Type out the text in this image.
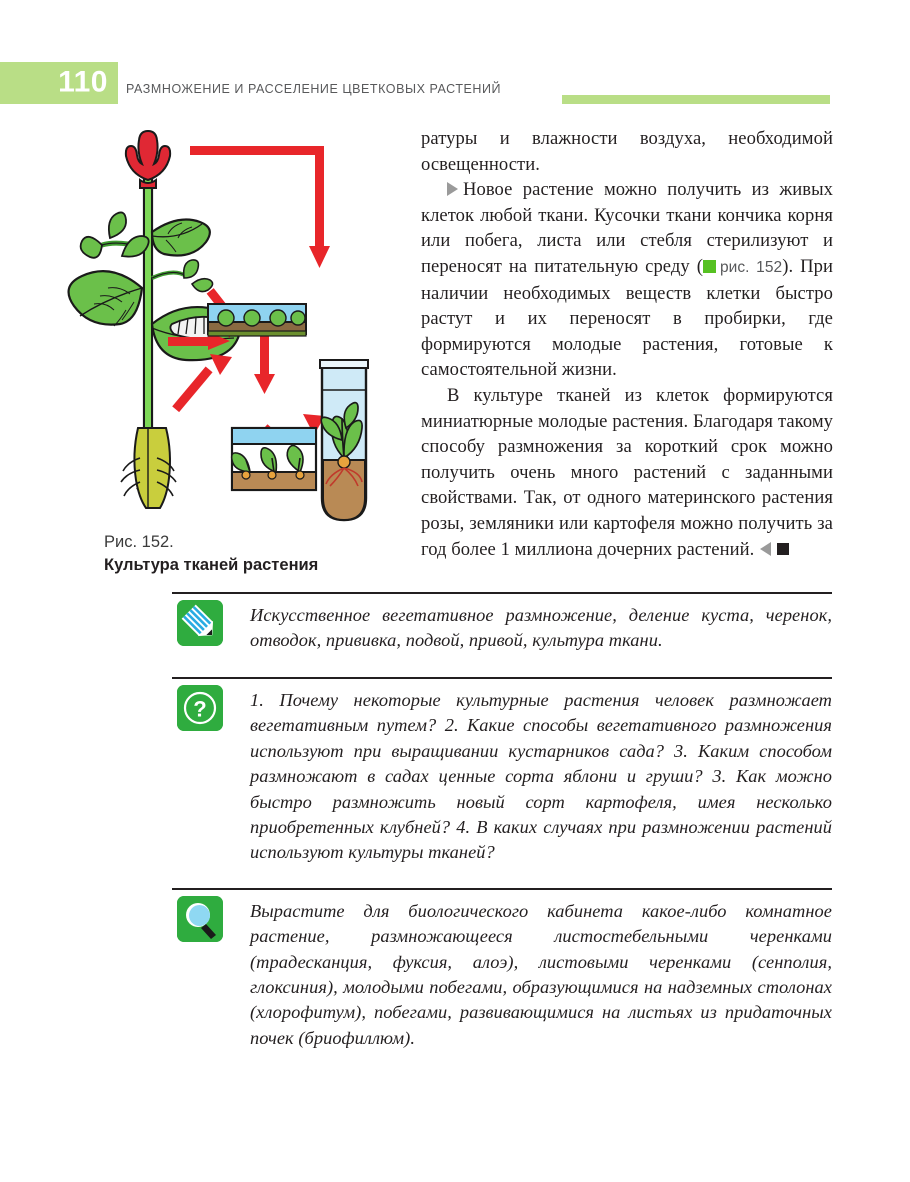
110 РАЗМНОЖЕНИЕ И РАССЕЛЕНИЕ ЦВЕТКОВЫХ РАСТЕНИЙ
Рис. 152.
Культура тканей растения

ратуры и влажности воздуха, необходимой освещенности.

Новое растение можно получить из живых клеток любой ткани. Кусочки ткани кончика корня или побега, листа или стебля стерилизуют и переносят на питательную среду ( рис. 152). При наличии необходимых веществ клетки быстро растут и их переносят в пробирки, где формируются молодые растения, готовые к самостоятельной жизни.

В культуре тканей из клеток формируются миниатюрные молодые растения. Благодаря такому способу размножения за короткий срок можно получить очень много растений с заданными свойствами. Так, от одного материнского растения розы, земляники или картофеля можно получить за год более 1 миллиона дочерних растений.

Искусственное вегетативное размножение, деление куста, черенок, отводок, прививка, подвой, привой, культура ткани.

? 1. Почему некоторые культурные растения человек размножает вегетативным путем? 2. Какие способы вегетативного размножения используют при выращивании кустарников сада? 3. Каким способом размножают в садах ценные сорта яблони и груши? 3. Как можно быстро размножить новый сорт картофеля, имея несколько приобретенных клубней? 4. В каких случаях при размножении растений используют культуры тканей?

Вырастите для биологического кабинета какое-либо комнатное растение, размножающееся листостебельными черенками (традесканция, фуксия, алоэ), листовыми черенками (сенполия, глоксиния), молодыми побегами, образующимися на надземных столонах (хлорофитум), побегами, развивающимися на листьях из придаточных почек (бриофиллюм).
